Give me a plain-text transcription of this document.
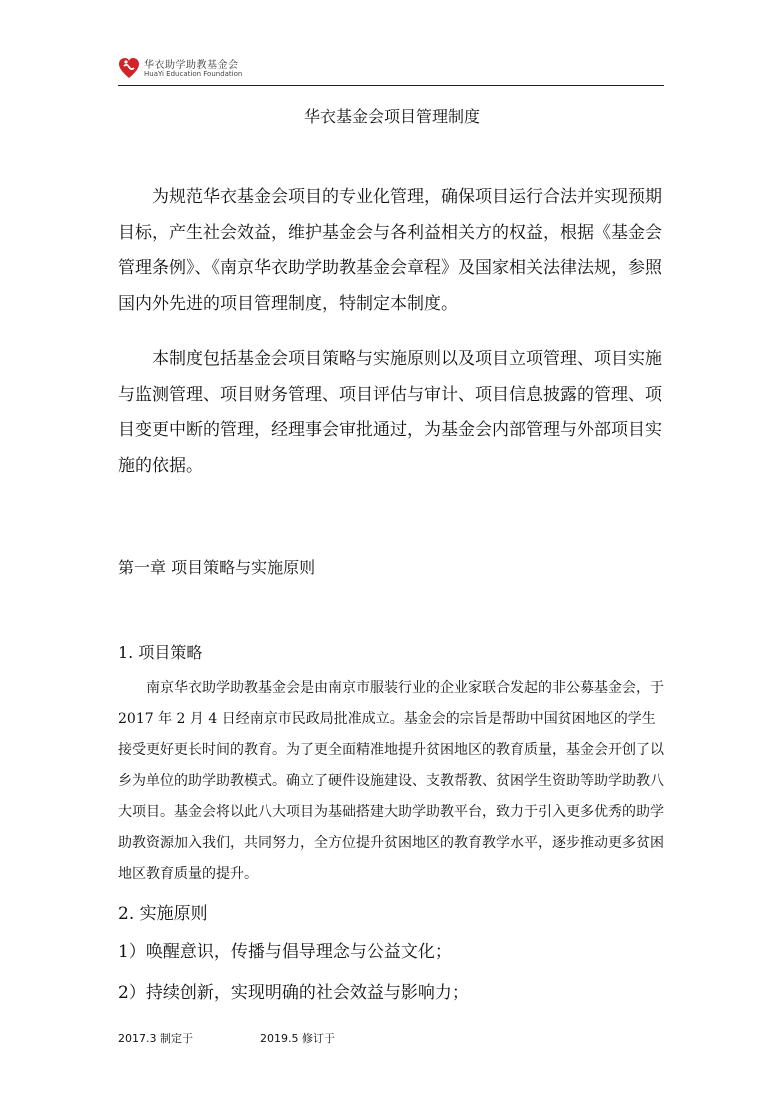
华衣助学助教基金会
HuaYi Education Foundation
华衣基金会项目管理制度

为规范华衣基金会项目的专业化管理，确保项目运行合法并实现预期目标，产生社会效益，维护基金会与各利益相关方的权益，根据《基金会管理条例》、《南京华衣助学助教基金会章程》及国家相关法律法规，参照国内外先进的项目管理制度，特制定本制度。

本制度包括基金会项目策略与实施原则以及项目立项管理、项目实施与监测管理、项目财务管理、项目评估与审计、项目信息披露的管理、项目变更中断的管理，经理事会审批通过，为基金会内部管理与外部项目实施的依据。

第一章 项目策略与实施原则

1. 项目策略

南京华衣助学助教基金会是由南京市服装行业的企业家联合发起的非公募基金会，于 2017 年 2 月 4 日经南京市民政局批准成立。基金会的宗旨是帮助中国贫困地区的学生接受更好更长时间的教育。为了更全面精准地提升贫困地区的教育质量，基金会开创了以乡为单位的助学助教模式。确立了硬件设施建设、支教帮教、贫困学生资助等助学助教八大项目。基金会将以此八大项目为基础搭建大助学助教平台，致力于引入更多优秀的助学助教资源加入我们，共同努力，全方位提升贫困地区的教育教学水平，逐步推动更多贫困地区教育质量的提升。

2. 实施原则

1）唤醒意识，传播与倡导理念与公益文化；

2）持续创新，实现明确的社会效益与影响力；

2017.3 制定于	2019.5 修订于
